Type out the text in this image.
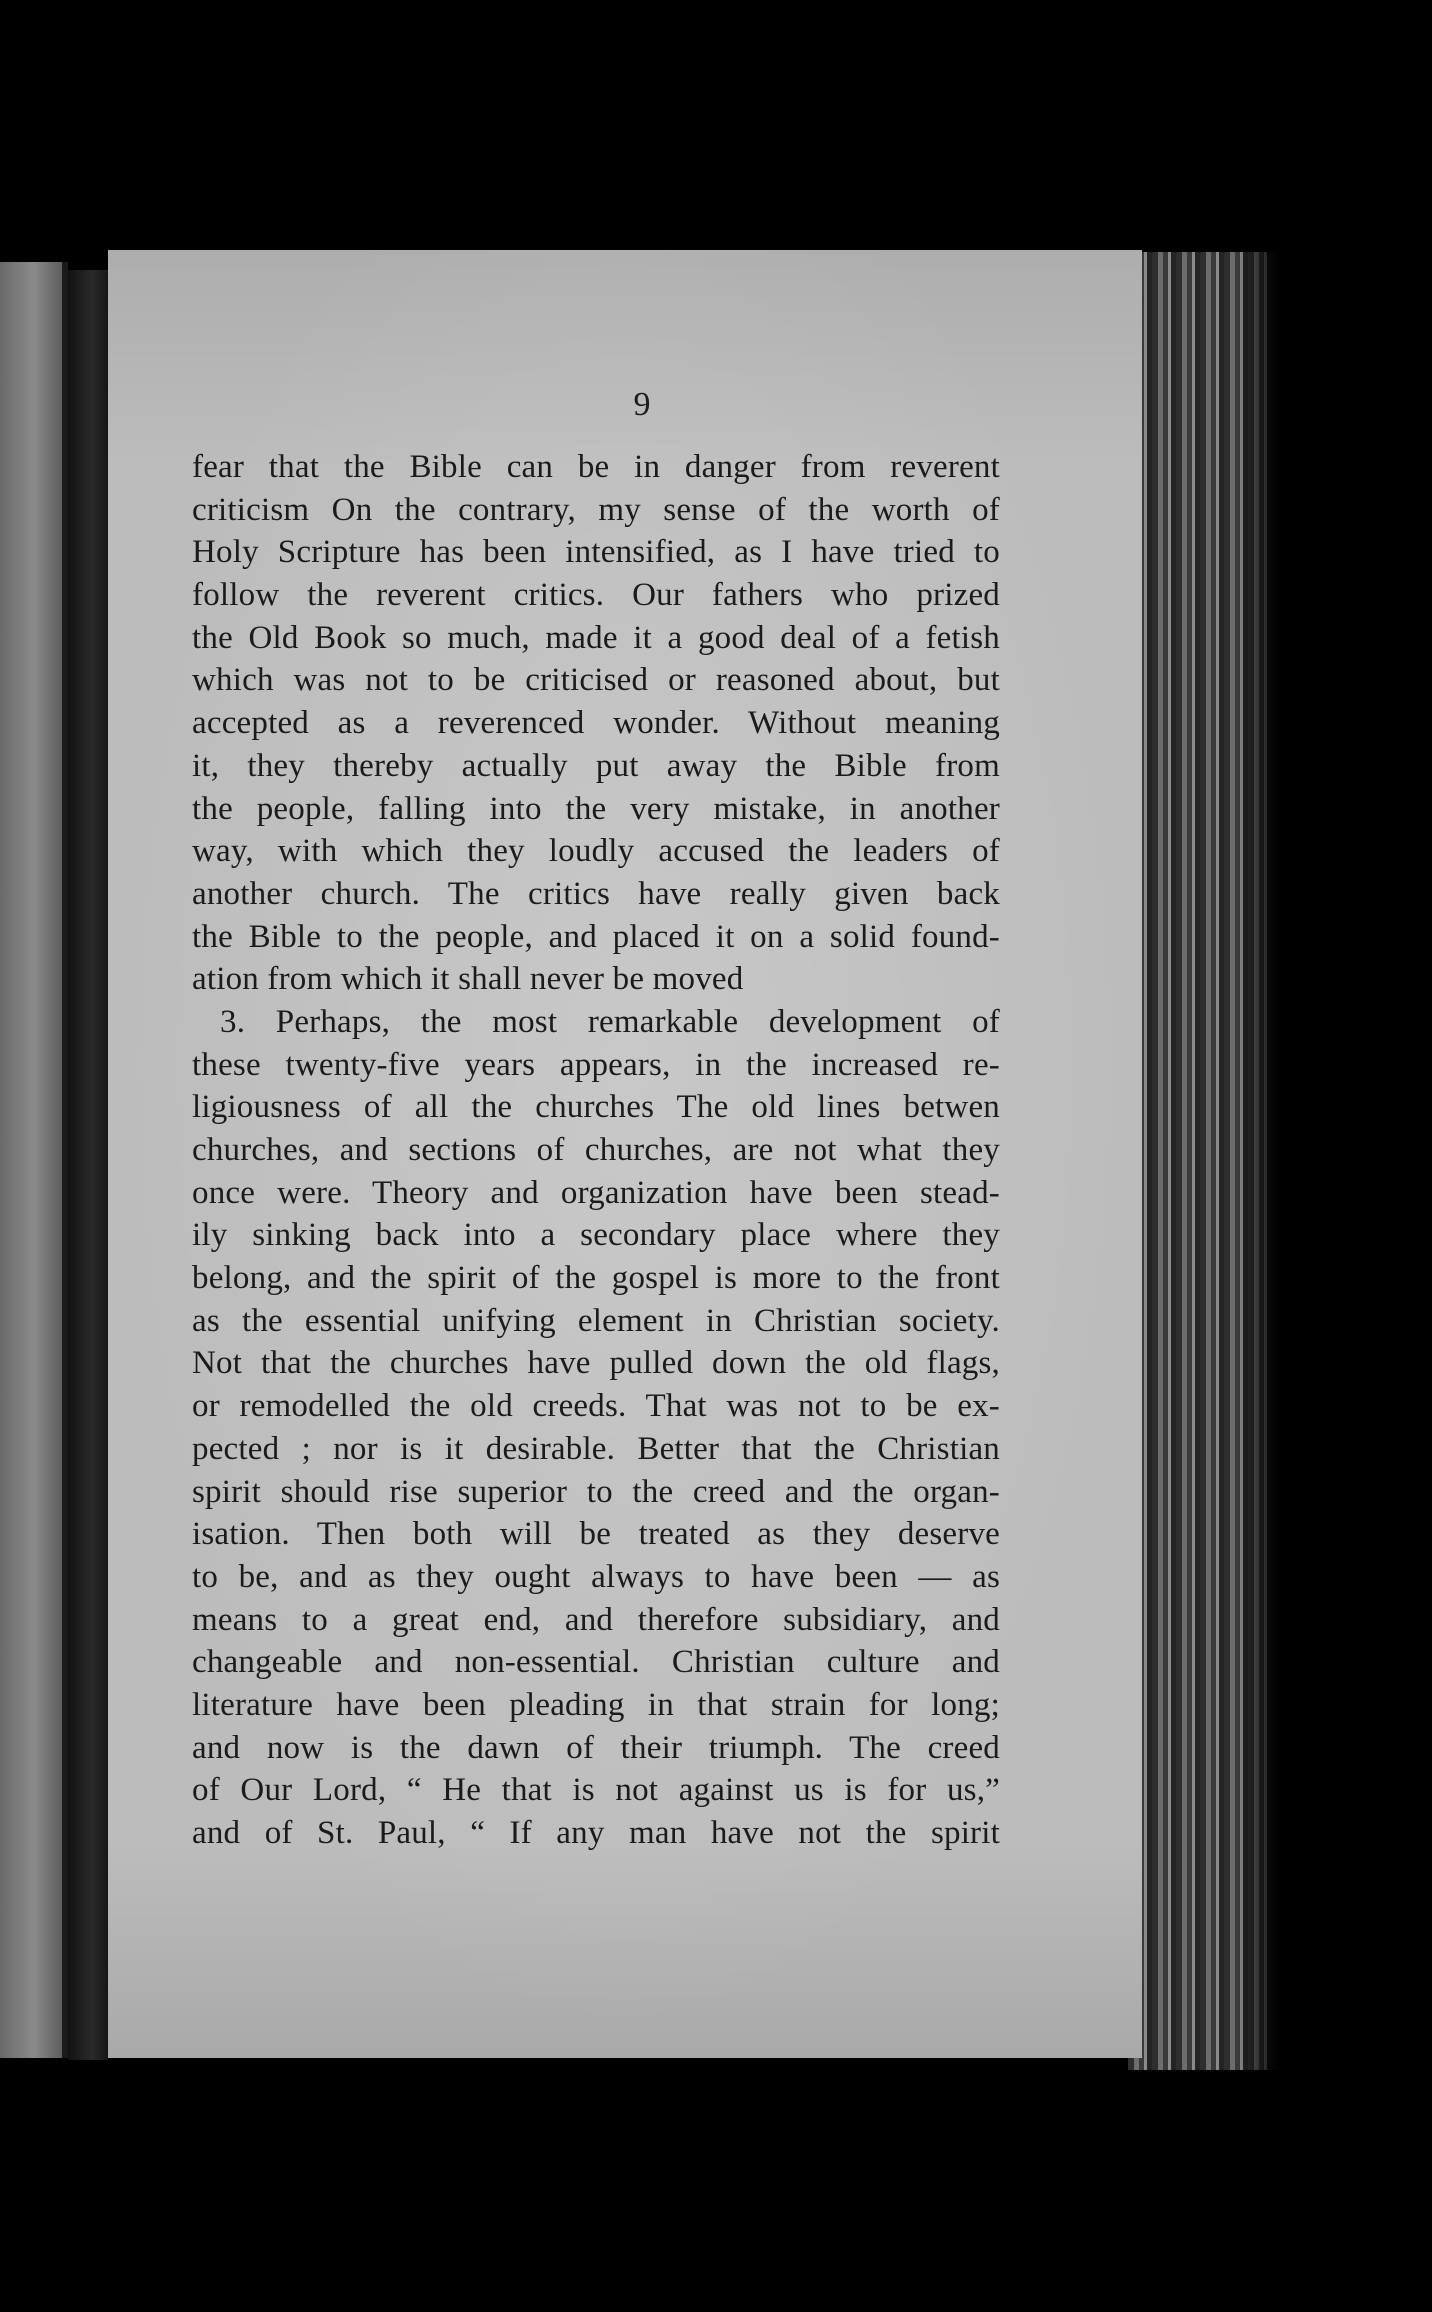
9
fear that the Bible can be in danger from reverent
criticism On the contrary, my sense of the worth of
Holy Scripture has been intensified, as I have tried to
follow the reverent critics. Our fathers who prized
the Old Book so much, made it a good deal of a fetish
which was not to be criticised or reasoned about, but
accepted as a reverenced wonder. Without meaning
it, they thereby actually put away the Bible from
the people, falling into the very mistake, in another
way, with which they loudly accused the leaders of
another church. The critics have really given back
the Bible to the people, and placed it on a solid found-
ation from which it shall never be moved
3. Perhaps, the most remarkable development of
these twenty-five years appears, in the increased re-
ligiousness of all the churches The old lines betwen
churches, and sections of churches, are not what they
once were. Theory and organization have been stead-
ily sinking back into a secondary place where they
belong, and the spirit of the gospel is more to the front
as the essential unifying element in Christian society.
Not that the churches have pulled down the old flags,
or remodelled the old creeds. That was not to be ex-
pected ; nor is it desirable. Better that the Christian
spirit should rise superior to the creed and the organ-
isation. Then both will be treated as they deserve
to be, and as they ought always to have been — as
means to a great end, and therefore subsidiary, and
changeable and non-essential. Christian culture and
literature have been pleading in that strain for long;
and now is the dawn of their triumph. The creed
of Our Lord, “ He that is not against us is for us,”
and of St. Paul, “ If any man have not the spirit
